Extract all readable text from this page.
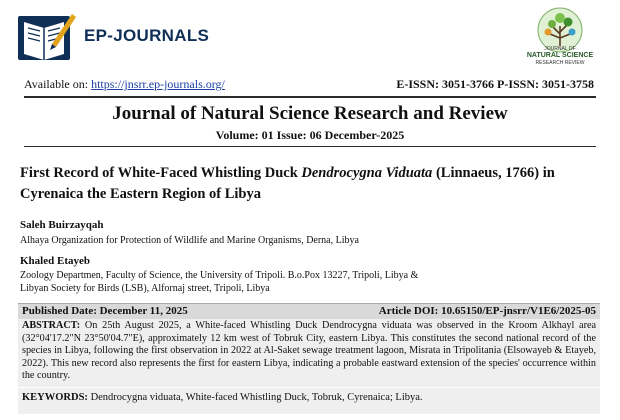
EP-JOURNALS
JOURNAL OF
NATURAL SCIENCE
RESEARCH REVIEW
Available on: https://jnsrr.ep-journals.org/	E-ISSN: 3051-3766 P-ISSN: 3051-3758
Journal of Natural Science Research and Review
Volume: 01 Issue: 06 December-2025
First Record of White-Faced Whistling Duck Dendrocygna Viduata (Linnaeus, 1766) in Cyrenaica the Eastern Region of Libya
Saleh Buirzayqah
Alhaya Organization for Protection of Wildlife and Marine Organisms, Derna, Libya
Khaled Etayeb
Zoology Departmen, Faculty of Science, the University of Tripoli. B.o.Pox 13227, Tripoli, Libya & Libyan Society for Birds (LSB), Alfornaj street, Tripoli, Libya
Published Date: December 11, 2025	Article DOI: 10.65150/EP-jnsrr/V1E6/2025-05
ABSTRACT: On 25th August 2025, a White-faced Whistling Duck Dendrocygna viduata was observed in the Kroom Alkhayl area (32°04'17.2"N 23°50'04.7"E), approximately 12 km west of Tobruk City, eastern Libya. This constitutes the second national record of the species in Libya, following the first observation in 2022 at Al-Saket sewage treatment lagoon, Misrata in Tripolitania (Elsowayeb & Etayeb, 2022). This new record also represents the first for eastern Libya, indicating a probable eastward extension of the species' occurrence within the country.
KEYWORDS: Dendrocygna viduata, White-faced Whistling Duck, Tobruk, Cyrenaica; Libya.
